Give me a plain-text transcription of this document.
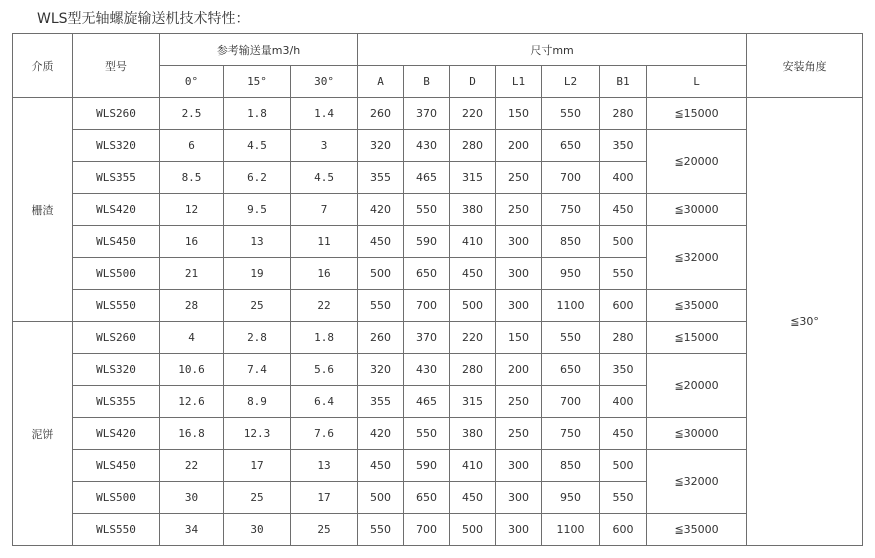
WLS型无轴螺旋输送机技术特性：
介质	型号	参考输送量m3/h			尺寸mm							安装角度
		0°	15°	30°	A	B	D	L1	L2	B1	L	
栅渣	WLS260	2.5	1.8	1.4	260	370	220	150	550	280	≦15000	≦30°
	WLS320	6	4.5	3	320	430	280	200	650	350	≦20000	
	WLS355	8.5	6.2	4.5	355	465	315	250	700	400		
	WLS420	12	9.5	7	420	550	380	250	750	450	≦30000	
	WLS450	16	13	11	450	590	410	300	850	500	≦32000	
	WLS500	21	19	16	500	650	450	300	950	550		
	WLS550	28	25	22	550	700	500	300	1100	600	≦35000	
泥饼	WLS260	4	2.8	1.8	260	370	220	150	550	280	≦15000	
	WLS320	10.6	7.4	5.6	320	430	280	200	650	350	≦20000	
	WLS355	12.6	8.9	6.4	355	465	315	250	700	400		
	WLS420	16.8	12.3	7.6	420	550	380	250	750	450	≦30000	
	WLS450	22	17	13	450	590	410	300	850	500	≦32000	
	WLS500	30	25	17	500	650	450	300	950	550		
	WLS550	34	30	25	550	700	500	300	1100	600	≦35000	
